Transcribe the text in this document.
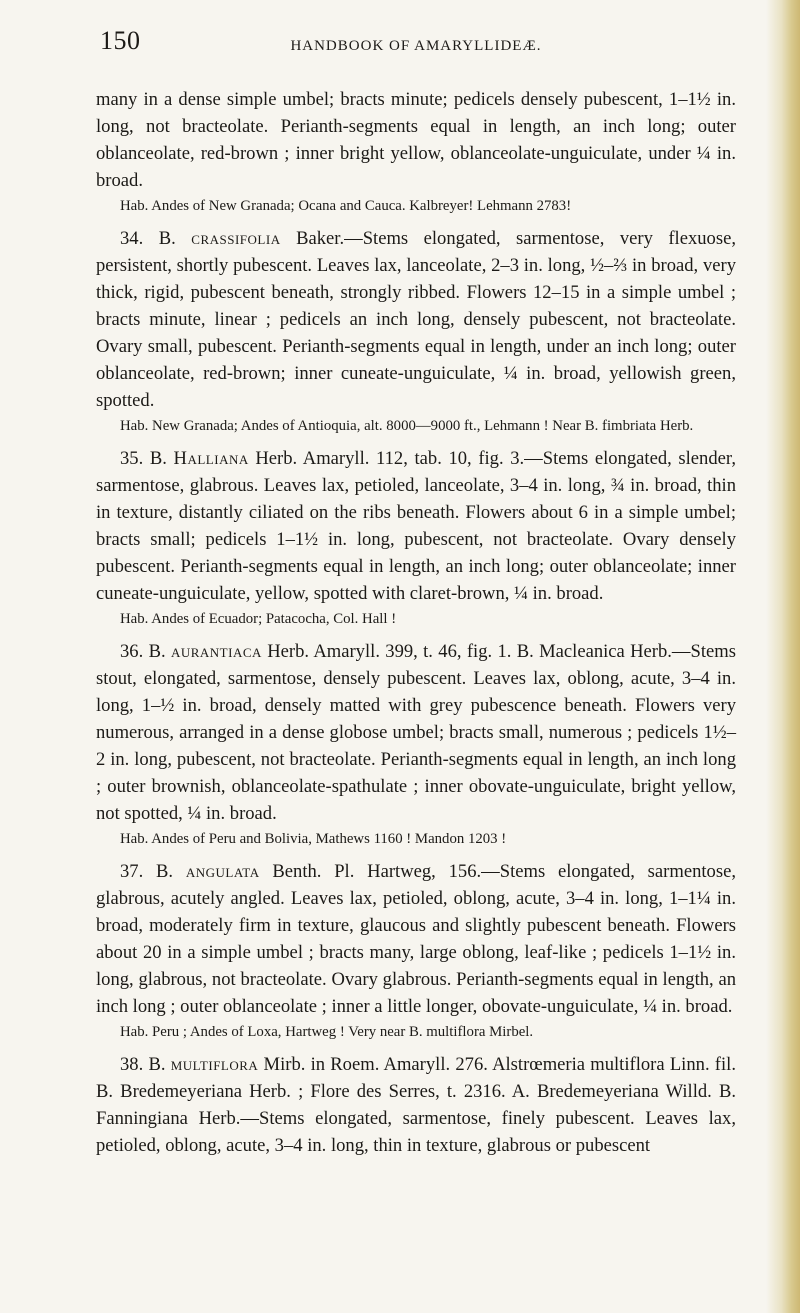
150	HANDBOOK OF AMARYLLIDEÆ.

many in a dense simple umbel; bracts minute; pedicels densely pubescent, 1–1½ in. long, not bracteolate. Perianth-segments equal in length, an inch long; outer oblanceolate, red-brown ; inner bright yellow, oblanceolate-unguiculate, under ¼ in. broad.

Hab. Andes of New Granada; Ocana and Cauca. Kalbreyer! Lehmann 2783!

34. B. crassifolia Baker.—Stems elongated, sarmentose, very flexuose, persistent, shortly pubescent. Leaves lax, lanceolate, 2–3 in. long, ½–⅔ in broad, very thick, rigid, pubescent beneath, strongly ribbed. Flowers 12–15 in a simple umbel ; bracts minute, linear ; pedicels an inch long, densely pubescent, not bracteolate. Ovary small, pubescent. Perianth-segments equal in length, under an inch long; outer oblanceolate, red-brown; inner cuneate-unguiculate, ¼ in. broad, yellowish green, spotted.

Hab. New Granada; Andes of Antioquia, alt. 8000—9000 ft., Lehmann ! Near B. fimbriata Herb.

35. B. Halliana Herb. Amaryll. 112, tab. 10, fig. 3.—Stems elongated, slender, sarmentose, glabrous. Leaves lax, petioled, lanceolate, 3–4 in. long, ¾ in. broad, thin in texture, distantly ciliated on the ribs beneath. Flowers about 6 in a simple umbel; bracts small; pedicels 1–1½ in. long, pubescent, not bracteolate. Ovary densely pubescent. Perianth-segments equal in length, an inch long; outer oblanceolate; inner cuneate-unguiculate, yellow, spotted with claret-brown, ¼ in. broad.

Hab. Andes of Ecuador; Patacocha, Col. Hall !

36. B. aurantiaca Herb. Amaryll. 399, t. 46, fig. 1. B. Macleanica Herb.—Stems stout, elongated, sarmentose, densely pubescent. Leaves lax, oblong, acute, 3–4 in. long, 1–½ in. broad, densely matted with grey pubescence beneath. Flowers very numerous, arranged in a dense globose umbel; bracts small, numerous ; pedicels 1½–2 in. long, pubescent, not bracteolate. Perianth-segments equal in length, an inch long ; outer brownish, oblanceolate-spathulate ; inner obovate-unguiculate, bright yellow, not spotted, ¼ in. broad.

Hab. Andes of Peru and Bolivia, Mathews 1160 ! Mandon 1203 !

37. B. angulata Benth. Pl. Hartweg, 156.—Stems elongated, sarmentose, glabrous, acutely angled. Leaves lax, petioled, oblong, acute, 3–4 in. long, 1–1¼ in. broad, moderately firm in texture, glaucous and slightly pubescent beneath. Flowers about 20 in a simple umbel ; bracts many, large oblong, leaf-like ; pedicels 1–1½ in. long, glabrous, not bracteolate. Ovary glabrous. Perianth-segments equal in length, an inch long ; outer oblanceolate ; inner a little longer, obovate-unguiculate, ¼ in. broad.

Hab. Peru ; Andes of Loxa, Hartweg ! Very near B. multiflora Mirbel.

38. B. multiflora Mirb. in Roem. Amaryll. 276. Alstrœmeria multiflora Linn. fil. B. Bredemeyeriana Herb. ; Flore des Serres, t. 2316. A. Bredemeyeriana Willd. B. Fanningiana Herb.—Stems elongated, sarmentose, finely pubescent. Leaves lax, petioled, oblong, acute, 3–4 in. long, thin in texture, glabrous or pubescent
